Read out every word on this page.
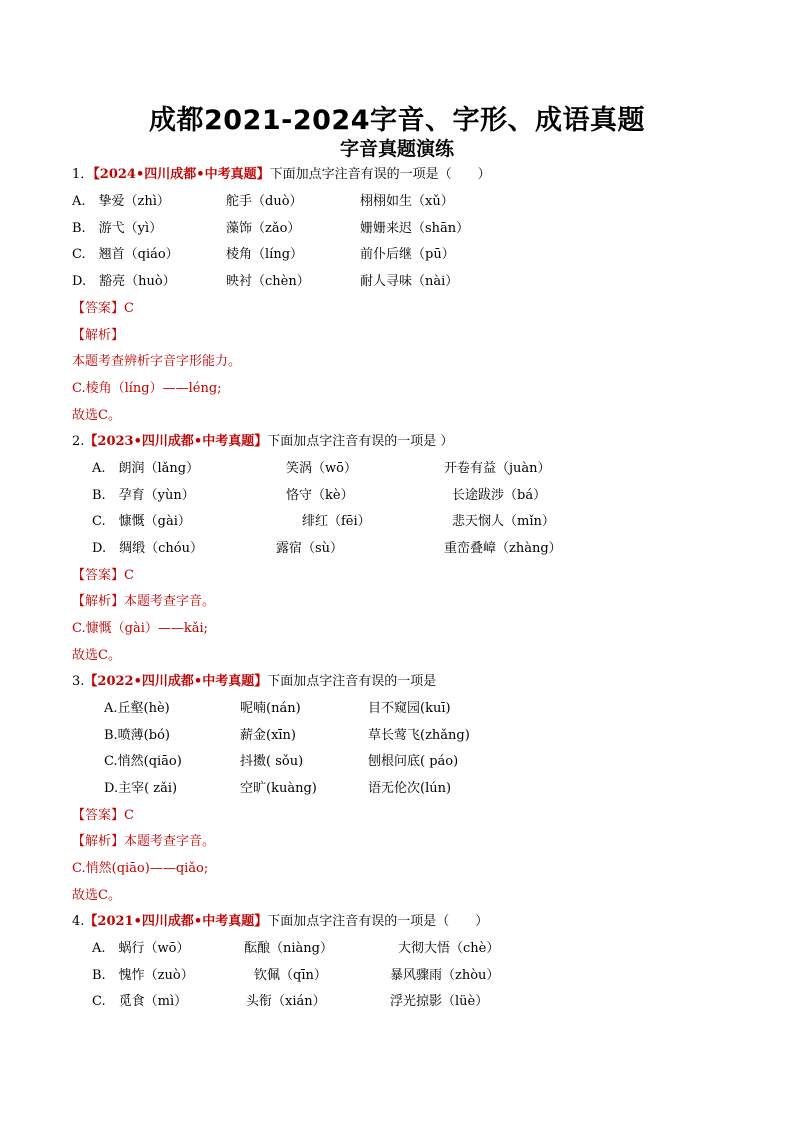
成都2021-2024字音、字形、成语真题
字音真题演练
1．【2024•四川成都•中考真题】下面加点字注音有误的一项是（　　）
A.　挚爱（zhì）	舵手（duò）	栩栩如生（xǔ）
B.　游弋（yì）	藻饰（zǎo）	姗姗来迟（shān）
C.　翘首（qiáo）	棱角（líng）	前仆后继（pū）
D.　豁亮（huò）	映衬（chèn）	耐人寻味（nài）
【答案】C
【解析】
本题考查辨析字音字形能力。
C.棱角（líng）——léng;
故选C。
2.【2023•四川成都•中考真题】下面加点字注音有误的一项是 ）
A.　朗润（lǎng）	笑涡（wō）	开卷有益（juàn）
B.　孕育（yùn）	恪守（kè）	长途跋涉（bá）
C.　慷慨（gài）	绯红（fēi）	悲天悯人（mǐn）
D.　绸缎（chóu）	露宿（sù）	重峦叠嶂（zhàng）
【答案】C
【解析】本题考查字音。
C.慷慨（gài）——kǎi;
故选C。
3.【2022•四川成都•中考真题】下面加点字注音有误的一项是
A.丘壑(hè)	呢喃(nán)	目不窥园(kuī)
B.喷薄(bó)	薪金(xīn)	草长莺飞(zhǎng)
C.悄然(qiāo)	抖擞( sǒu)	刨根问底( páo)
D.主宰( zǎi)	空旷(kuàng)	语无伦次(lún)
【答案】C
【解析】本题考查字音。
C.悄然(qiāo)——qiǎo;
故选C。
4.【2021•四川成都•中考真题】下面加点字注音有误的一项是（　　）
A.　蜗行（wō）	酝酿（niàng）	大彻大悟（chè）
B.　愧怍（zuò）	钦佩（qīn）	暴风骤雨（zhòu）
C.　觅食（mì）	头衔（xián）	浮光掠影（lüè）
